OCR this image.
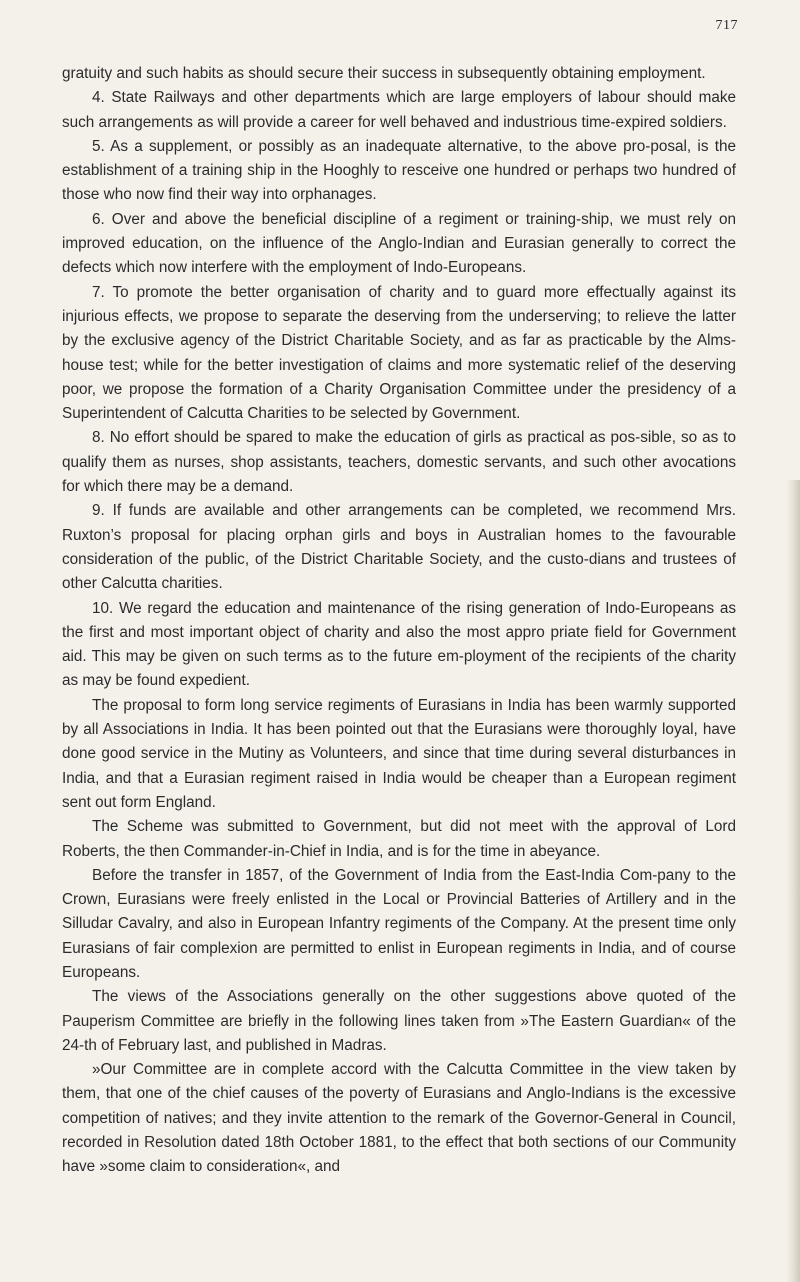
717

gratuity and such habits as should secure their success in subsequently obtaining employment.

4. State Railways and other departments which are large employers of labour should make such arrangements as will provide a career for well behaved and industrious time-expired soldiers.

5. As a supplement, or possibly as an inadequate alternative, to the above pro-posal, is the establishment of a training ship in the Hooghly to resceive one hundred or perhaps two hundred of those who now find their way into orphanages.

6. Over and above the beneficial discipline of a regiment or training-ship, we must rely on improved education, on the influence of the Anglo-Indian and Eurasian generally to correct the defects which now interfere with the employment of Indo-Europeans.

7. To promote the better organisation of charity and to guard more effectually against its injurious effects, we propose to separate the deserving from the underserving; to relieve the latter by the exclusive agency of the District Charitable Society, and as far as practicable by the Alms-house test; while for the better investigation of claims and more systematic relief of the deserving poor, we propose the formation of a Charity Organisation Committee under the presidency of a Superintendent of Calcutta Charities to be selected by Government.

8. No effort should be spared to make the education of girls as practical as pos-sible, so as to qualify them as nurses, shop assistants, teachers, domestic servants, and such other avocations for which there may be a demand.

9. If funds are available and other arrangements can be completed, we recommend Mrs. Ruxton’s proposal for placing orphan girls and boys in Australian homes to the favourable consideration of the public, of the District Charitable Society, and the custo-dians and trustees of other Calcutta charities.

10. We regard the education and maintenance of the rising generation of Indo-Europeans as the first and most important object of charity and also the most appro priate field for Government aid. This may be given on such terms as to the future em-ployment of the recipients of the charity as may be found expedient.

The proposal to form long service regiments of Eurasians in India has been warmly supported by all Associations in India. It has been pointed out that the Eurasians were thoroughly loyal, have done good service in the Mutiny as Volunteers, and since that time during several disturbances in India, and that a Eurasian regiment raised in India would be cheaper than a European regiment sent out form England.

The Scheme was submitted to Government, but did not meet with the approval of Lord Roberts, the then Commander-in-Chief in India, and is for the time in abeyance.

Before the transfer in 1857, of the Government of India from the East-India Com-pany to the Crown, Eurasians were freely enlisted in the Local or Provincial Batteries of Artillery and in the Silludar Cavalry, and also in European Infantry regiments of the Company. At the present time only Eurasians of fair complexion are permitted to enlist in European regiments in India, and of course Europeans.

The views of the Associations generally on the other suggestions above quoted of the Pauperism Committee are briefly in the following lines taken from »The Eastern Guardian« of the 24-th of February last, and published in Madras.

»Our Committee are in complete accord with the Calcutta Committee in the view taken by them, that one of the chief causes of the poverty of Eurasians and Anglo-Indians is the excessive competition of natives; and they invite attention to the remark of the Governor-General in Council, recorded in Resolution dated 18th October 1881, to the effect that both sections of our Community have »some claim to consideration«, and
